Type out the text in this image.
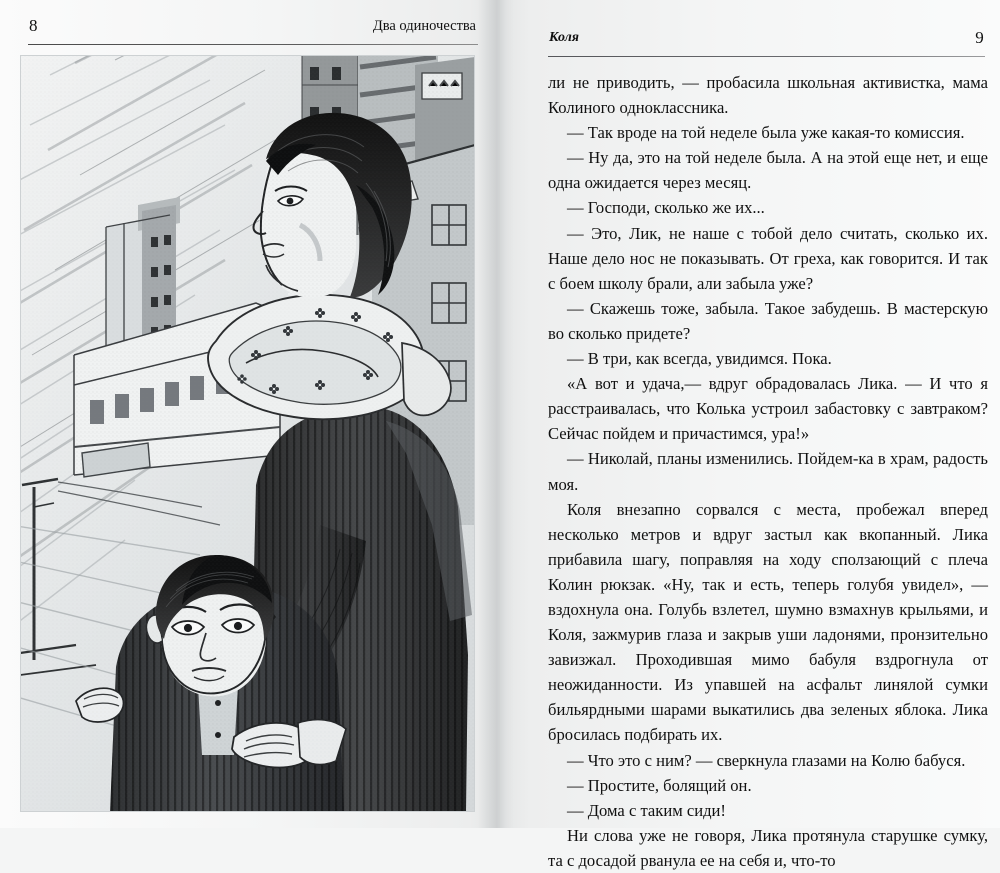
8	Два одиночества
Коля	9

ли не приводить, — пробасила школьная активистка, мама Колиного одноклассника.

— Так вроде на той неделе была уже какая-то комиссия.

— Ну да, это на той неделе была. А на этой еще нет, и еще одна ожидается через месяц.

— Господи, сколько же их...

— Это, Лик, не наше с тобой дело считать, сколько их. Наше дело нос не показывать. От греха, как говорится. И так с боем школу брали, али забыла уже?

— Скажешь тоже, забыла. Такое забудешь. В мастерскую во сколько придете?

— В три, как всегда, увидимся. Пока.

«А вот и удача,— вдруг обрадовалась Лика. — И что я расстраивалась, что Колька устроил забастовку с завтраком? Сейчас пойдем и причастимся, ура!»

— Николай, планы изменились. Пойдем-ка в храм, радость моя.

Коля внезапно сорвался с места, пробежал вперед несколько метров и вдруг застыл как вкопанный. Лика прибавила шагу, поправляя на ходу сползающий с плеча Колин рюкзак. «Ну, так и есть, теперь голубя увидел», — вздохнула она. Голубь взлетел, шумно взмахнув крыльями, и Коля, зажмурив глаза и закрыв уши ладонями, пронзительно завизжал. Проходившая мимо бабуля вздрогнула от неожиданности. Из упавшей на асфальт линялой сумки бильярдными шарами выкатились два зеленых яблока. Лика бросилась подбирать их.

— Что это с ним? — сверкнула глазами на Колю бабуся.

— Простите, болящий он.

— Дома с таким сиди!

Ни слова уже не говоря, Лика протянула старушке сумку, та с досадой рванула ее на себя и, что-то
